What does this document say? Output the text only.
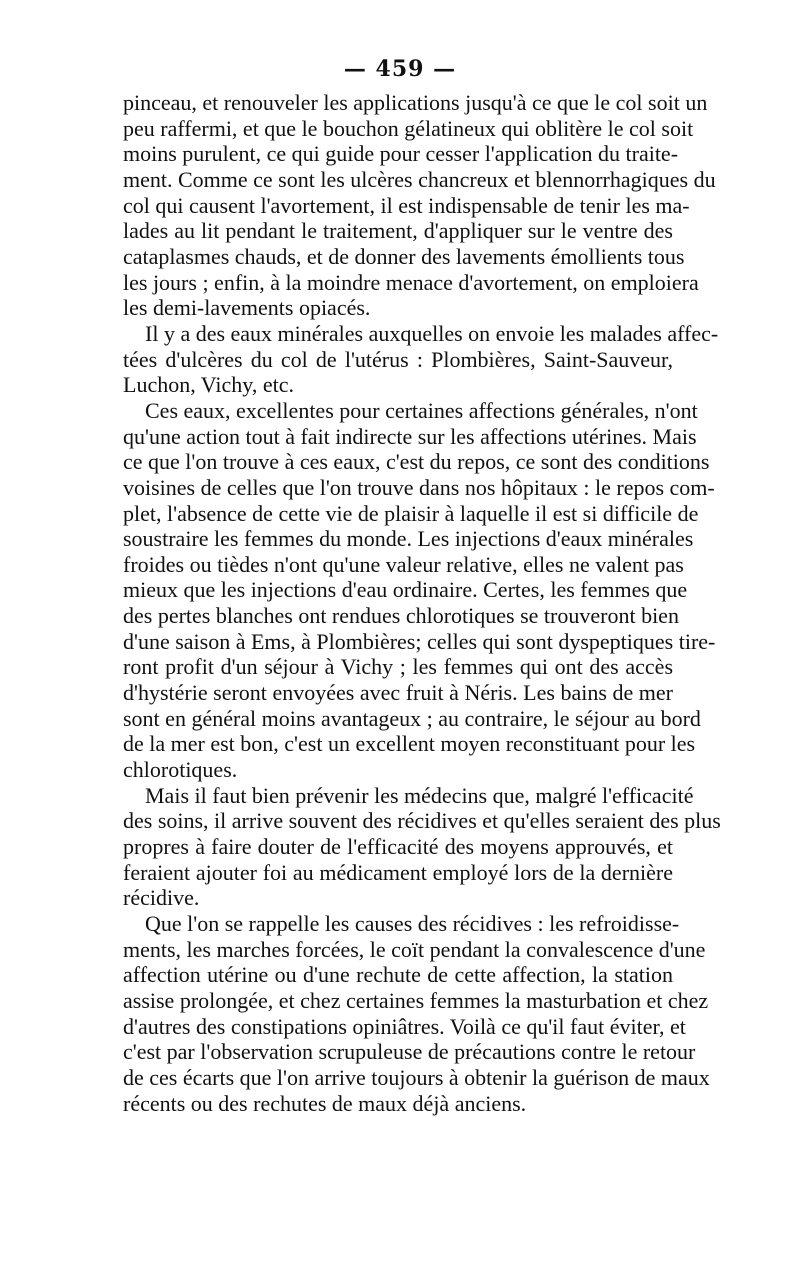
— 459 —
pinceau, et renouveler les applications jusqu'à ce que le col soit un
peu raffermi, et que le bouchon gélatineux qui oblitère le col soit
moins purulent, ce qui guide pour cesser l'application du traite-
ment. Comme ce sont les ulcères chancreux et blennorrhagiques du
col qui causent l'avortement, il est indispensable de tenir les ma-
lades au lit pendant le traitement, d'appliquer sur le ventre des
cataplasmes chauds, et de donner des lavements émollients tous
les jours ; enfin, à la moindre menace d'avortement, on emploiera
les demi-lavements opiacés.
Il y a des eaux minérales auxquelles on envoie les malades affec-
tées d'ulcères du col de l'utérus : Plombières, Saint-Sauveur,
Luchon, Vichy, etc.
Ces eaux, excellentes pour certaines affections générales, n'ont
qu'une action tout à fait indirecte sur les affections utérines. Mais
ce que l'on trouve à ces eaux, c'est du repos, ce sont des conditions
voisines de celles que l'on trouve dans nos hôpitaux : le repos com-
plet, l'absence de cette vie de plaisir à laquelle il est si difficile de
soustraire les femmes du monde. Les injections d'eaux minérales
froides ou tièdes n'ont qu'une valeur relative, elles ne valent pas
mieux que les injections d'eau ordinaire. Certes, les femmes que
des pertes blanches ont rendues chlorotiques se trouveront bien
d'une saison à Ems, à Plombières; celles qui sont dyspeptiques tire-
ront profit d'un séjour à Vichy ; les femmes qui ont des accès
d'hystérie seront envoyées avec fruit à Néris. Les bains de mer
sont en général moins avantageux ; au contraire, le séjour au bord
de la mer est bon, c'est un excellent moyen reconstituant pour les
chlorotiques.
Mais il faut bien prévenir les médecins que, malgré l'efficacité
des soins, il arrive souvent des récidives et qu'elles seraient des plus
propres à faire douter de l'efficacité des moyens approuvés, et
feraient ajouter foi au médicament employé lors de la dernière
récidive.
Que l'on se rappelle les causes des récidives : les refroidisse-
ments, les marches forcées, le coït pendant la convalescence d'une
affection utérine ou d'une rechute de cette affection, la station
assise prolongée, et chez certaines femmes la masturbation et chez
d'autres des constipations opiniâtres. Voilà ce qu'il faut éviter, et
c'est par l'observation scrupuleuse de précautions contre le retour
de ces écarts que l'on arrive toujours à obtenir la guérison de maux
récents ou des rechutes de maux déjà anciens.
